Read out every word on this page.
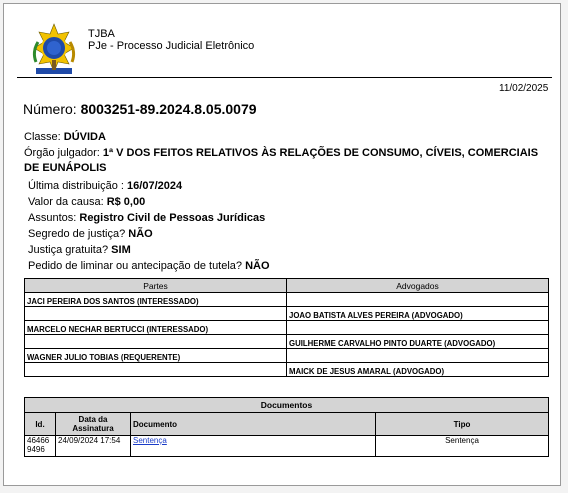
TJBA
PJe - Processo Judicial Eletrônico
11/02/2025
Número: 8003251-89.2024.8.05.0079
Classe: DÚVIDA
Órgão julgador: 1ª V DOS FEITOS RELATIVOS ÀS RELAÇÕES DE CONSUMO, CÍVEIS, COMERCIAIS DE EUNÁPOLIS
Última distribuição : 16/07/2024
Valor da causa: R$ 0,00
Assuntos: Registro Civil de Pessoas Jurídicas
Segredo de justiça? NÃO
Justiça gratuita? SIM
Pedido de liminar ou antecipação de tutela? NÃO
Partes	Advogados
JACI PEREIRA DOS SANTOS (INTERESSADO)	
	JOAO BATISTA ALVES PEREIRA (ADVOGADO)
MARCELO NECHAR BERTUCCI (INTERESSADO)	
	GUILHERME CARVALHO PINTO DUARTE (ADVOGADO)
WAGNER JULIO TOBIAS (REQUERENTE)	
	MAICK DE JESUS AMARAL (ADVOGADO)
Documentos			
Id.	Data da Assinatura	Documento	Tipo
46466 9496	24/09/2024 17:54	Sentença	Sentença
